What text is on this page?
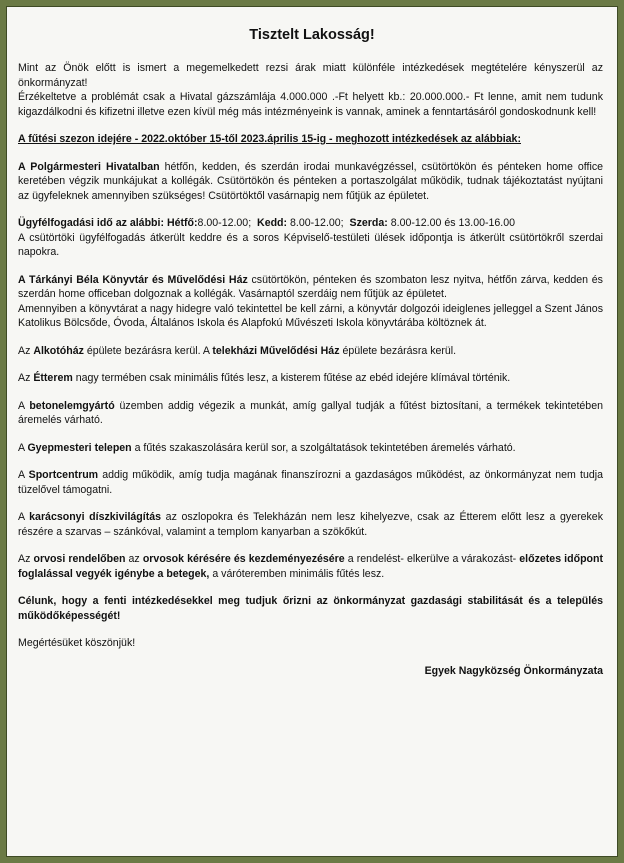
Tisztelt Lakosság!

Mint az Önök előtt is ismert a megemelkedett rezsi árak miatt különféle intézkedések megtételére kényszerül az önkormányzat!

Érzékeltetve a problémát csak a Hivatal gázszámlája 4.000.000 .-Ft helyett kb.: 20.000.000.- Ft lenne, amit nem tudunk kigazdálkodni és kifizetni illetve ezen kívül még más intézményeink is vannak, aminek a fenntartásáról gondoskodnunk kell!

A fűtési szezon idejére - 2022.október 15-től 2023.április 15-ig - meghozott intézkedések az alábbiak:

A Polgármesteri Hivatalban hétfőn, kedden, és szerdán irodai munkavégzéssel, csütörtökön és pénteken home office keretében végzik munkájukat a kollégák. Csütörtökön és pénteken a portaszolgálat működik, tudnak tájékoztatást nyújtani az ügyfeleknek amennyiben szükséges! Csütörtöktől vasárnapig nem fűtjük az épületet.

Ügyfélfogadási idő az alábbi: Hétfő:8.00-12.00; Kedd: 8.00-12.00; Szerda: 8.00-12.00 és 13.00-16.00
A csütörtöki ügyfélfogadás átkerült keddre és a soros Képviselő-testületi ülések időpontja is átkerült csütörtökről szerdai napokra.

A Tárkányi Béla Könyvtár és Művelődési Ház csütörtökön, pénteken és szombaton lesz nyitva, hétfőn zárva, kedden és szerdán home officeban dolgoznak a kollégák. Vasárnaptól szerdáig nem fűtjük az épületet.
Amennyiben a könyvtárat a nagy hidegre való tekintettel be kell zárni, a könyvtár dolgozói ideiglenes jelleggel a Szent János Katolikus Bölcsőde, Óvoda, Általános Iskola és Alapfokú Művészeti Iskola könyvtárába költöznek át.

Az Alkotóház épülete bezárásra kerül. A telekházi Művelődési Ház épülete bezárásra kerül.

Az Étterem nagy termében csak minimális fűtés lesz, a kisterem fűtése az ebéd idejére klímával történik.

A betonelemgyártó üzemben addig végezik a munkát, amíg gallyal tudják a fűtést biztosítani, a termékek tekintetében áremelés várható.

A Gyepmesteri telepen a fűtés szakaszolására kerül sor, a szolgáltatások tekintetében áremelés várható.

A Sportcentrum addig működik, amíg tudja magának finanszírozni a gazdaságos működést, az önkormányzat nem tudja tüzelővel támogatni.

A karácsonyi díszkivilágítás az oszlopokra és Telekházán nem lesz kihelyezve, csak az Étterem előtt lesz a gyerekek részére a szarvas – szánkóval, valamint a templom kanyarban a szökőkút.

Az orvosi rendelőben az orvosok kérésére és kezdeményezésére a rendelést- elkerülve a várakozást- előzetes időpont foglalással vegyék igénybe a betegek, a váróteremben minimális fűtés lesz.

Célunk, hogy a fenti intézkedésekkel meg tudjuk őrizni az önkormányzat gazdasági stabilitását és a település működőképességét!

Megértésüket köszönjük!

Egyek Nagyközség Önkormányzata
